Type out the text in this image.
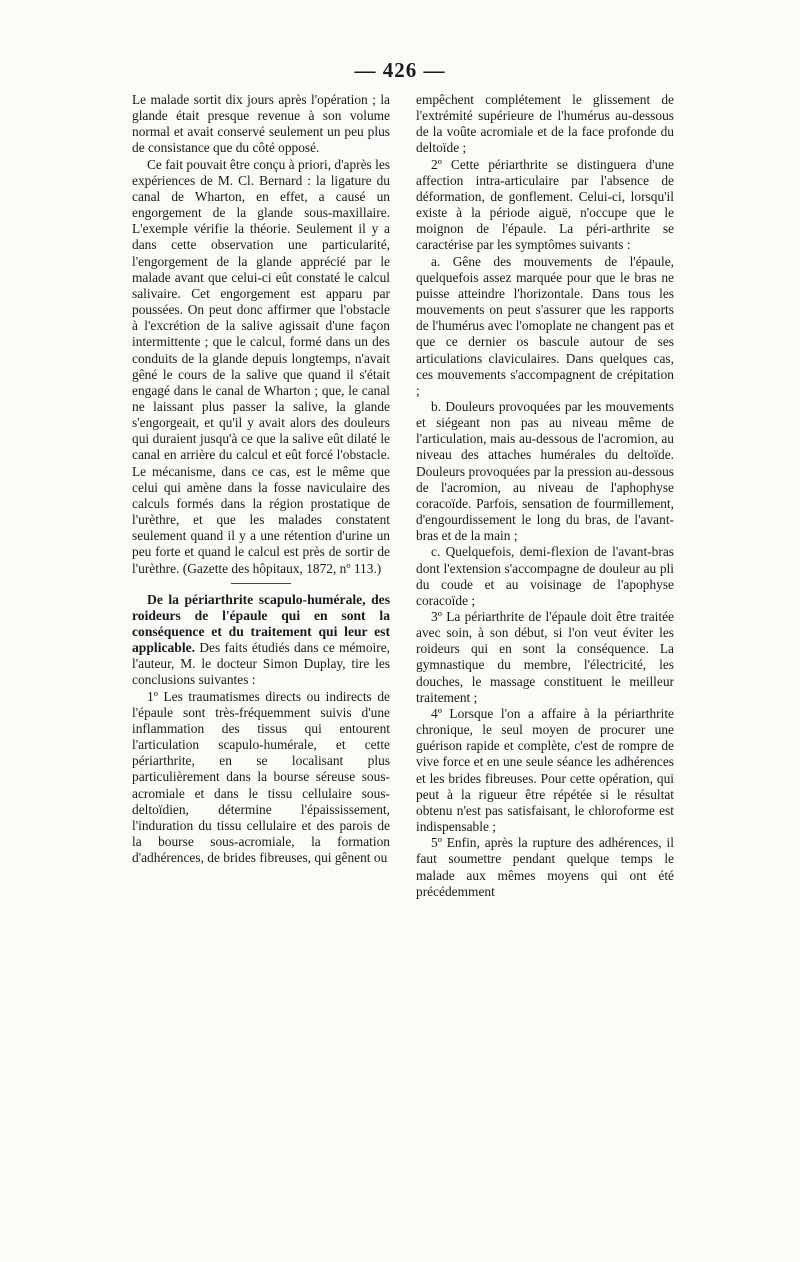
— 426 —

Le malade sortit dix jours après l'opération ; la glande était presque revenue à son volume normal et avait conservé seulement un peu plus de consistance que du côté opposé.

Ce fait pouvait être conçu à priori, d'après les expériences de M. Cl. Bernard : la ligature du canal de Wharton, en effet, a causé un engorgement de la glande sous-maxillaire. L'exemple vérifie la théorie. Seulement il y a dans cette observation une particularité, l'engorgement de la glande apprécié par le malade avant que celui-ci eût constaté le calcul salivaire. Cet engorgement est apparu par poussées. On peut donc affirmer que l'obstacle à l'excrétion de la salive agissait d'une façon intermittente ; que le calcul, formé dans un des conduits de la glande depuis longtemps, n'avait gêné le cours de la salive que quand il s'était engagé dans le canal de Wharton ; que, le canal ne laissant plus passer la salive, la glande s'engorgeait, et qu'il y avait alors des douleurs qui duraient jusqu'à ce que la salive eût dilaté le canal en arrière du calcul et eût forcé l'obstacle. Le mécanisme, dans ce cas, est le même que celui qui amène dans la fosse naviculaire des calculs formés dans la région prostatique de l'urèthre, et que les malades constatent seulement quand il y a une rétention d'urine un peu forte et quand le calcul est près de sortir de l'urèthre. (Gazette des hôpitaux, 1872, nº 113.)

De la périarthrite scapulo-humérale, des roideurs de l'épaule qui en sont la conséquence et du traitement qui leur est applicable. Des faits étudiés dans ce mémoire, l'auteur, M. le docteur Simon Duplay, tire les conclusions suivantes :

1º Les traumatismes directs ou indirects de l'épaule sont très-fréquemment suivis d'une inflammation des tissus qui entourent l'articulation scapulo-humérale, et cette périarthrite, en se localisant plus particulièrement dans la bourse séreuse sous-acromiale et dans le tissu cellulaire sous-deltoïdien, détermine l'épaississement, l'induration du tissu cellulaire et des parois de la bourse sous-acromiale, la formation d'adhérences, de brides fibreuses, qui gênent ou

empêchent complétement le glissement de l'extrémité supérieure de l'humérus au-dessous de la voûte acromiale et de la face profonde du deltoïde ;

2º Cette périarthrite se distinguera d'une affection intra-articulaire par l'absence de déformation, de gonflement. Celui-ci, lorsqu'il existe à la période aiguë, n'occupe que le moignon de l'épaule. La péri-arthrite se caractérise par les symptômes suivants :

a. Gêne des mouvements de l'épaule, quelquefois assez marquée pour que le bras ne puisse atteindre l'horizontale. Dans tous les mouvements on peut s'assurer que les rapports de l'humérus avec l'omoplate ne changent pas et que ce dernier os bascule autour de ses articulations claviculaires. Dans quelques cas, ces mouvements s'accompagnent de crépitation ;

b. Douleurs provoquées par les mouvements et siégeant non pas au niveau même de l'articulation, mais au-dessous de l'acromion, au niveau des attaches humérales du deltoïde. Douleurs provoquées par la pression au-dessous de l'acromion, au niveau de l'aphophyse coracoïde. Parfois, sensation de fourmillement, d'engourdissement le long du bras, de l'avant-bras et de la main ;

c. Quelquefois, demi-flexion de l'avant-bras dont l'extension s'accompagne de douleur au pli du coude et au voisinage de l'apophyse coracoïde ;

3º La périarthrite de l'épaule doit être traitée avec soin, à son début, si l'on veut éviter les roideurs qui en sont la conséquence. La gymnastique du membre, l'électricité, les douches, le massage constituent le meilleur traitement ;

4º Lorsque l'on a affaire à la périarthrite chronique, le seul moyen de procurer une guérison rapide et complète, c'est de rompre de vive force et en une seule séance les adhérences et les brides fibreuses. Pour cette opération, qui peut à la rigueur être répétée si le résultat obtenu n'est pas satisfaisant, le chloroforme est indispensable ;

5º Enfin, après la rupture des adhérences, il faut soumettre pendant quelque temps le malade aux mêmes moyens qui ont été précédemment
